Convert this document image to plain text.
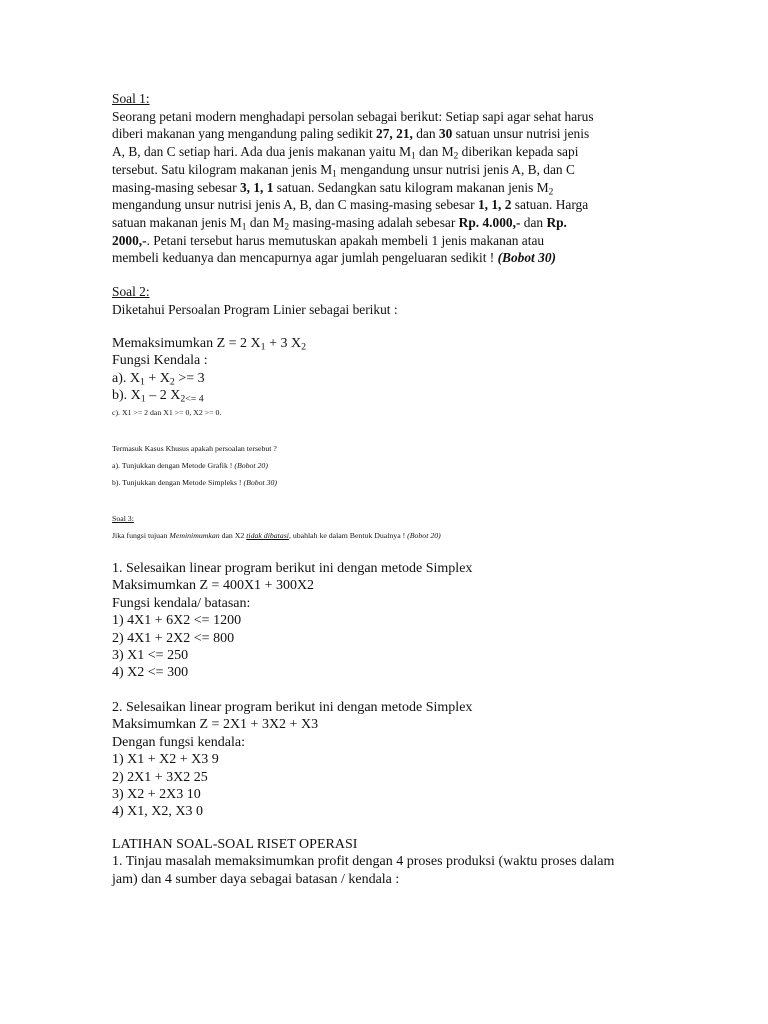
Soal 1:
Seorang petani modern menghadapi persolan sebagai berikut: Setiap sapi agar sehat harus
diberi makanan yang mengandung paling sedikit 27, 21, dan 30 satuan unsur nutrisi jenis
A, B, dan C setiap hari. Ada dua jenis makanan yaitu $M_1$ dan $M_2$ diberikan kepada sapi
tersebut. Satu kilogram makanan jenis $M_1$ mengandung unsur nutrisi jenis A, B, dan C
masing-masing sebesar 3, 1, 1 satuan. Sedangkan satu kilogram makanan jenis $M_2$
mengandung unsur nutrisi jenis A, B, dan C masing-masing sebesar 1, 1, 2 satuan. Harga
satuan makanan jenis $M_1$ dan $M_2$ masing-masing adalah sebesar Rp. 4.000,- dan Rp.
2000,-. Petani tersebut harus memutuskan apakah membeli 1 jenis makanan atau
membeli keduanya dan mencapurnya agar jumlah pengeluaran sedikit ! (Bobot 30)
Soal 2:
Diketahui Persoalan Program Linier sebagai berikut :
Memaksimumkan Z = 2 $X_1 + 3$ $X_2$
Fungsi Kendala :
a). $X_1 + X_2 >= 3$
b). $X_1 - 2$ $X_{2<= 4}$
c). X1 >= 2 dan X1 >= 0, X2 >= 0.
Termasuk Kasus Khusus apakah persoalan tersebut ?
a). Tunjukkan dengan Metode Grafik ! (Bobot 20)
b). Tunjukkan dengan Metode Simpleks ! (Bobot 30)
Soal 3:
Jika fungsi tujuan Meminimumkan dan X2 tidak dibatasi, ubahlah ke dalam Bentuk Dualnya ! (Bobot 20)
1. Selesaikan linear program berikut ini dengan metode Simplex
Maksimumkan Z = 400X1 + 300X2
Fungsi kendala/ batasan:
1) 4X1 + 6X2 <= 1200
2) 4X1 + 2X2 <= 800
3) X1 <= 250
4) X2 <= 300
2. Selesaikan linear program berikut ini dengan metode Simplex
Maksimumkan Z = 2X1 + 3X2 + X3
Dengan fungsi kendala:
1) X1 + X2 + X3 9
2) 2X1 + 3X2 25
3) X2 + 2X3 10
4) X1, X2, X3 0
LATIHAN SOAL-SOAL RISET OPERASI
1. Tinjau masalah memaksimumkan profit dengan 4 proses produksi (waktu proses dalam
jam) dan 4 sumber daya sebagai batasan / kendala :
